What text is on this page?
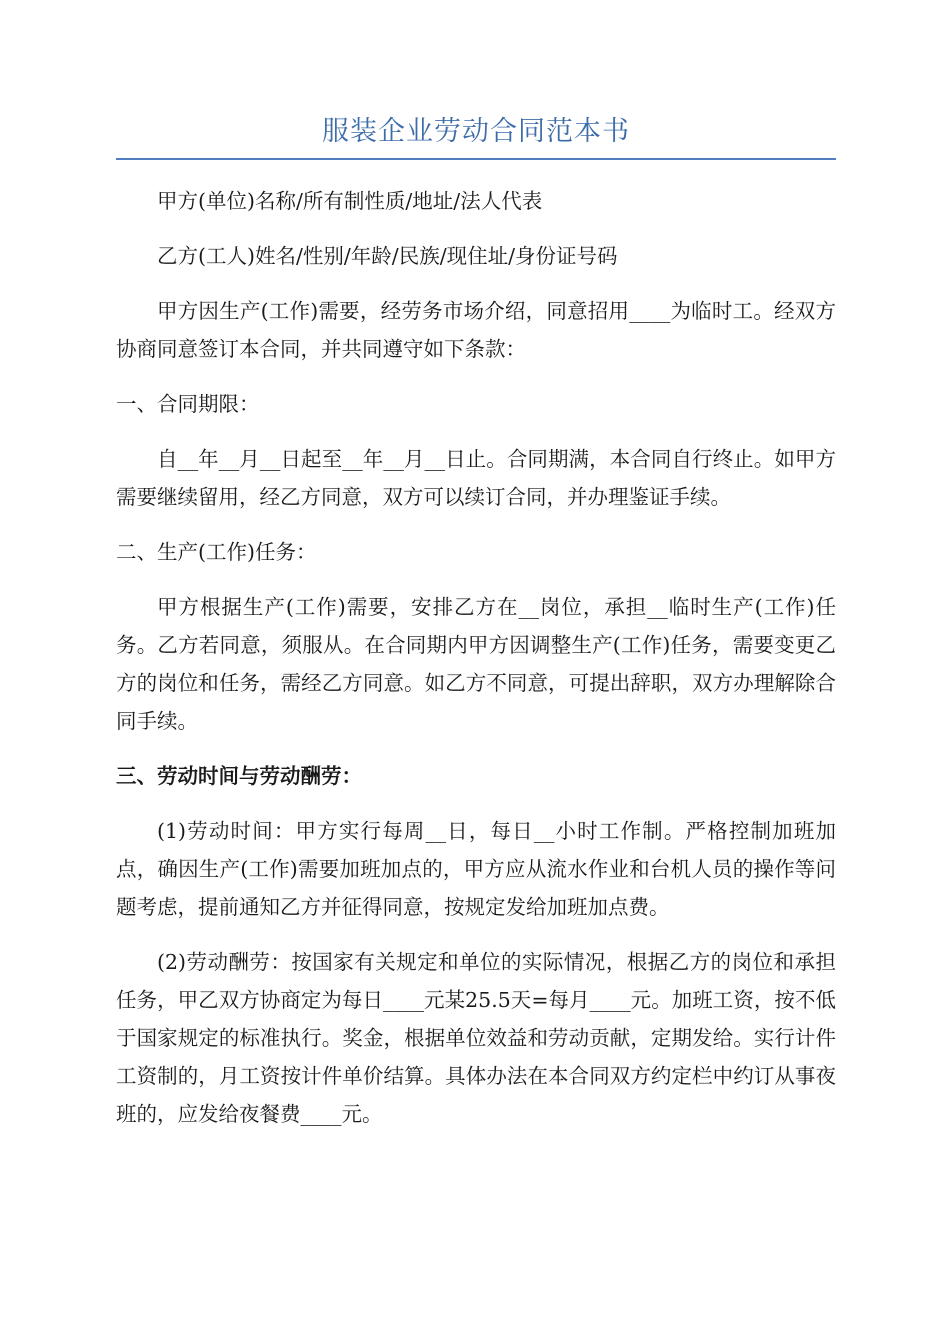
服装企业劳动合同范本书

甲方(单位)名称/所有制性质/地址/法人代表

乙方(工人)姓名/性别/年龄/民族/现住址/身份证号码

甲方因生产(工作)需要，经劳务市场介绍，同意招用____为临时工。经双方协商同意签订本合同，并共同遵守如下条款：

一、合同期限：

自__年__月__日起至__年__月__日止。合同期满，本合同自行终止。如甲方需要继续留用，经乙方同意，双方可以续订合同，并办理鉴证手续。

二、生产(工作)任务：

甲方根据生产(工作)需要，安排乙方在__岗位，承担__临时生产(工作)任务。乙方若同意，须服从。在合同期内甲方因调整生产(工作)任务，需要变更乙方的岗位和任务，需经乙方同意。如乙方不同意，可提出辞职，双方办理解除合同手续。

三、劳动时间与劳动酬劳：

(1)劳动时间：甲方实行每周__日，每日__小时工作制。严格控制加班加点，确因生产(工作)需要加班加点的，甲方应从流水作业和台机人员的操作等问题考虑，提前通知乙方并征得同意，按规定发给加班加点费。

(2)劳动酬劳：按国家有关规定和单位的实际情况，根据乙方的岗位和承担任务，甲乙双方协商定为每日____元某25.5天=每月____元。加班工资，按不低于国家规定的标准执行。奖金，根据单位效益和劳动贡献，定期发给。实行计件工资制的，月工资按计件单价结算。具体办法在本合同双方约定栏中约订从事夜班的，应发给夜餐费____元。
